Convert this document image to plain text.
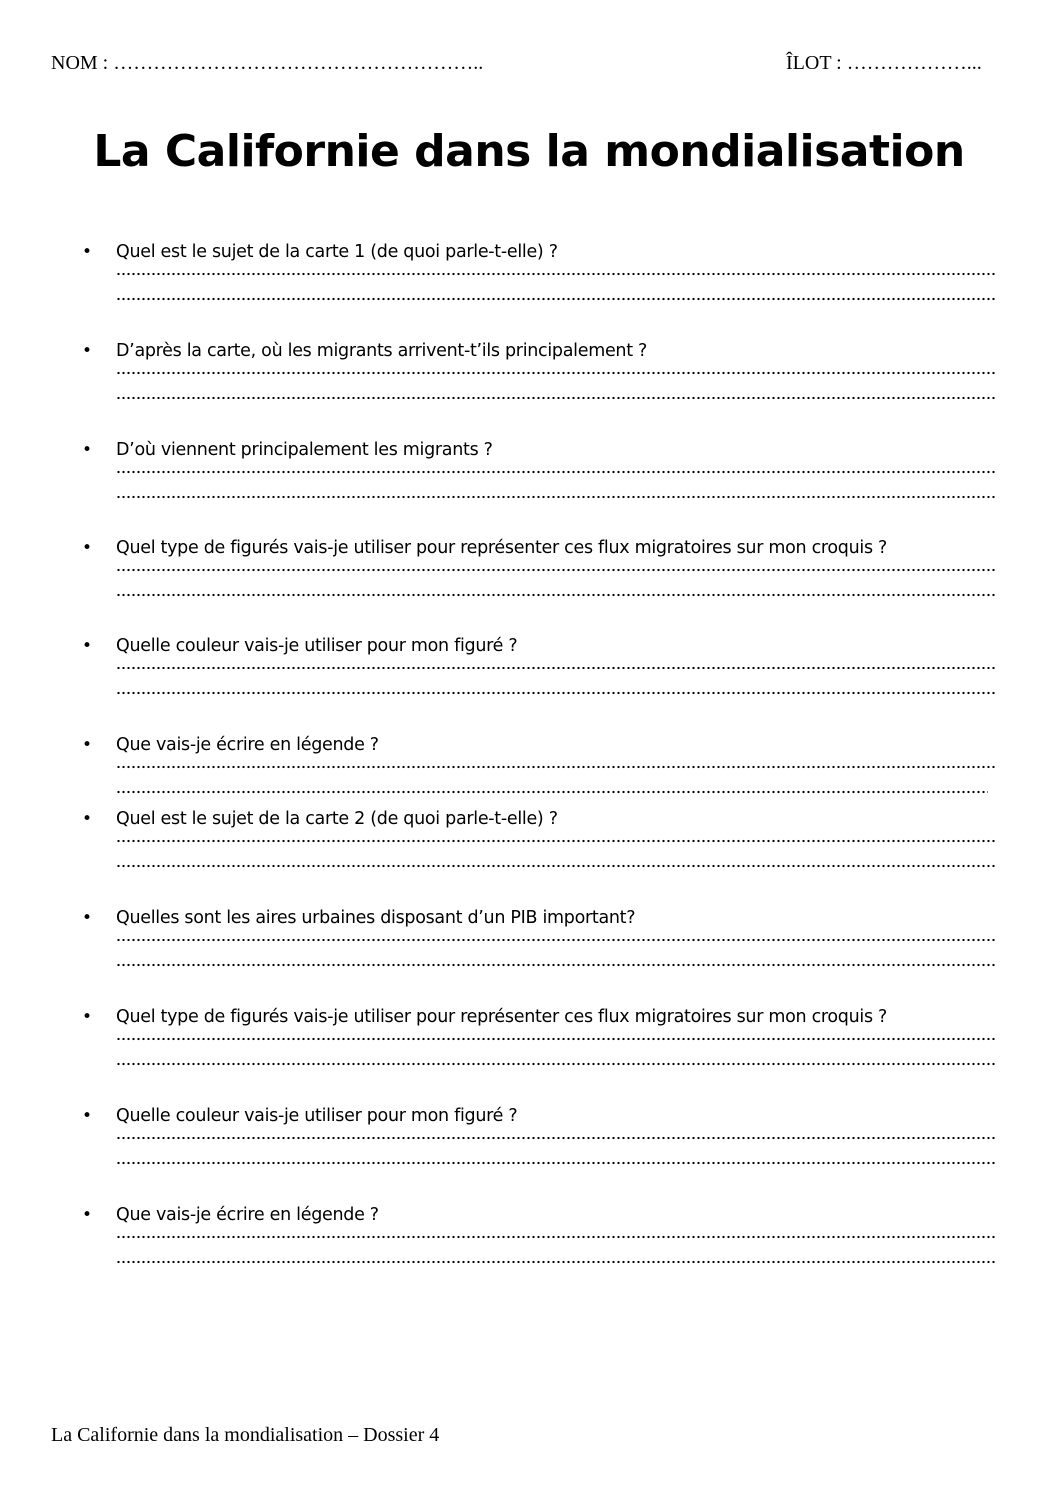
NOM : ………………………………………………..	ÎLOT : ………………...
La Californie dans la mondialisation
• Quel est le sujet de la carte 1 (de quoi parle-t-elle) ?
• D’après la carte, où les migrants arrivent-t’ils principalement ?
• D’où viennent principalement les migrants ?
• Quel type de figurés vais-je utiliser pour représenter ces flux migratoires sur mon croquis ?
• Quelle couleur vais-je utiliser pour mon figuré ?
• Que vais-je écrire en légende ?
• Quel est le sujet de la carte 2 (de quoi parle-t-elle) ?
• Quelles sont les aires urbaines disposant d’un PIB important?
• Quel type de figurés vais-je utiliser pour représenter ces flux migratoires sur mon croquis ?
• Quelle couleur vais-je utiliser pour mon figuré ?
• Que vais-je écrire en légende ?
La Californie dans la mondialisation – Dossier 4
